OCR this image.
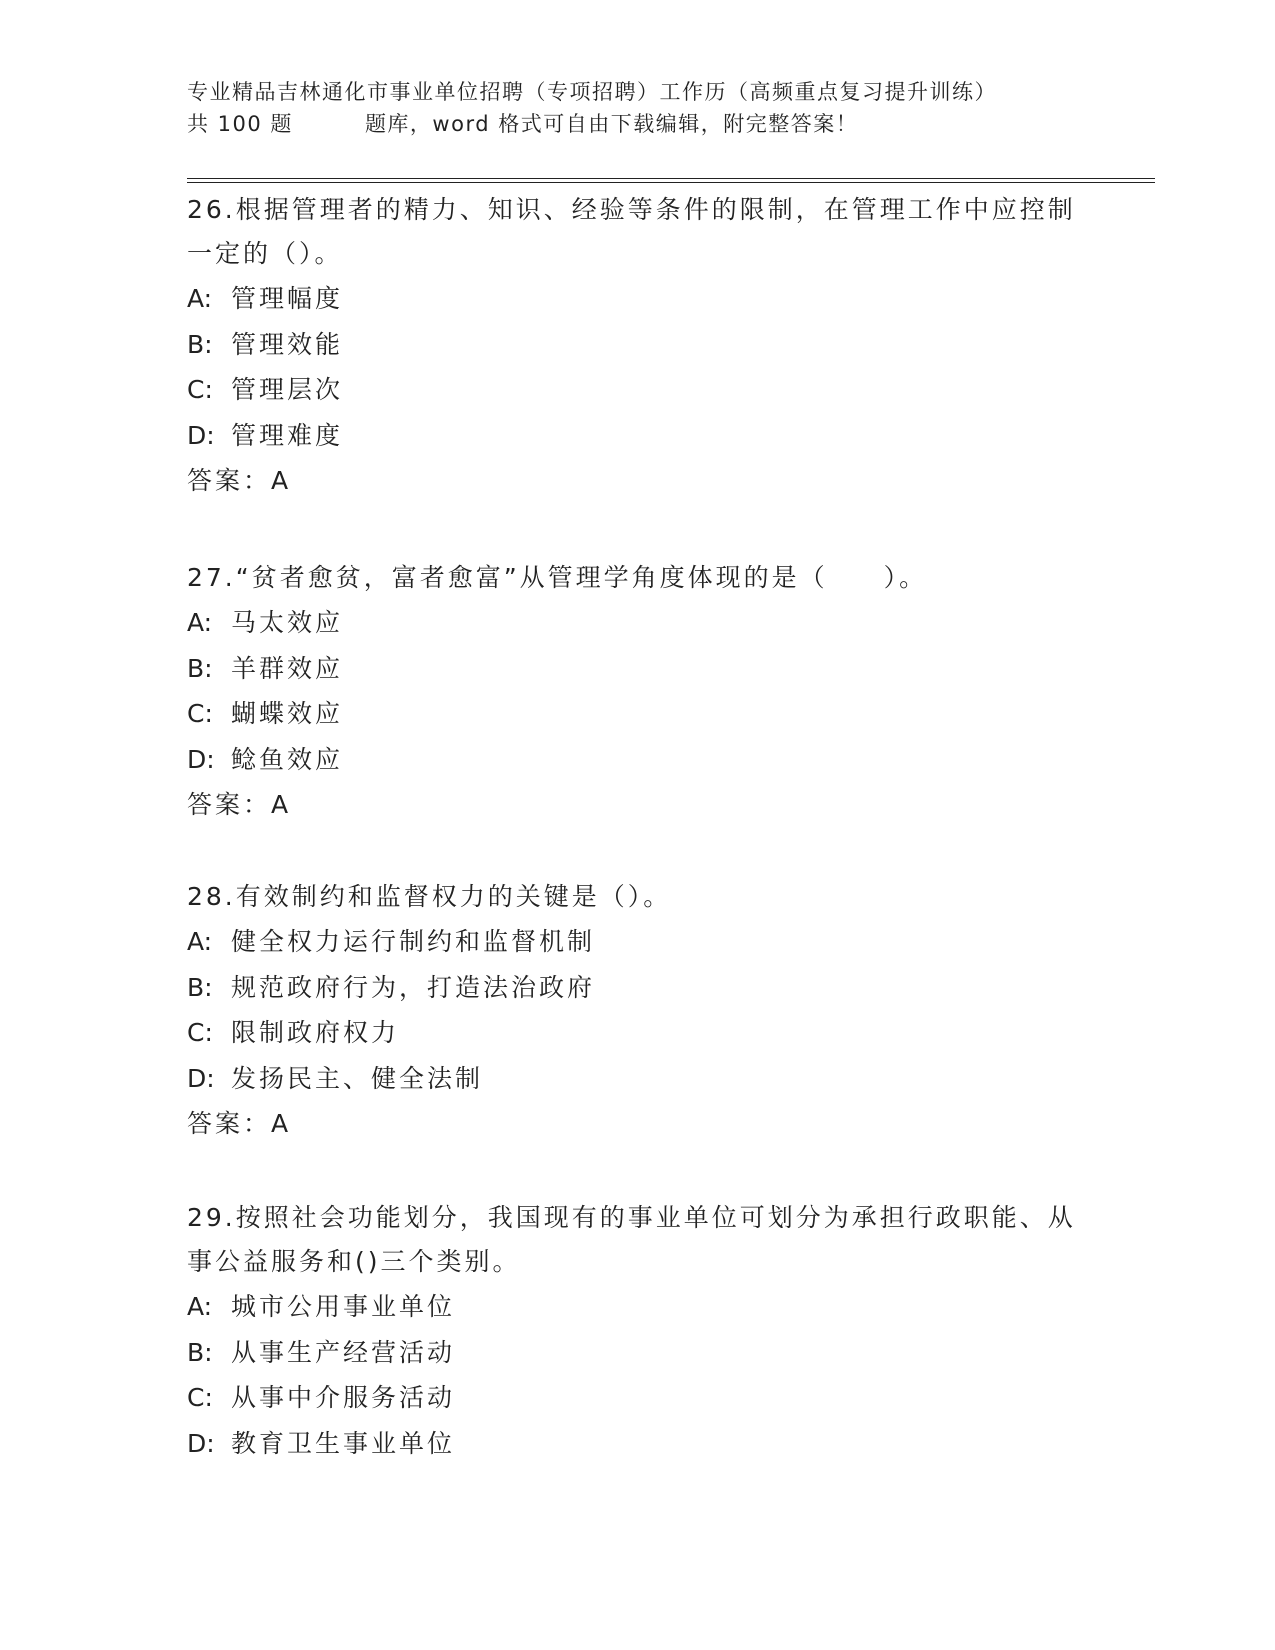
专业精品吉林通化市事业单位招聘（专项招聘）工作历（高频重点复习提升训练）
共 100 题	题库，word 格式可自由下载编辑，附完整答案！

26.根据管理者的精力、知识、经验等条件的限制，在管理工作中应控制一定的（）。

A: 管理幅度

B: 管理效能

C: 管理层次

D: 管理难度

答案：A

27.“贫者愈贫，富者愈富”从管理学角度体现的是（　　）。

A: 马太效应

B: 羊群效应

C: 蝴蝶效应

D: 鲶鱼效应

答案：A

28.有效制约和监督权力的关键是（）。

A: 健全权力运行制约和监督机制

B: 规范政府行为，打造法治政府

C: 限制政府权力

D: 发扬民主、健全法制

答案：A

29.按照社会功能划分，我国现有的事业单位可划分为承担行政职能、从事公益服务和()三个类别。

A: 城市公用事业单位

B: 从事生产经营活动

C: 从事中介服务活动

D: 教育卫生事业单位
